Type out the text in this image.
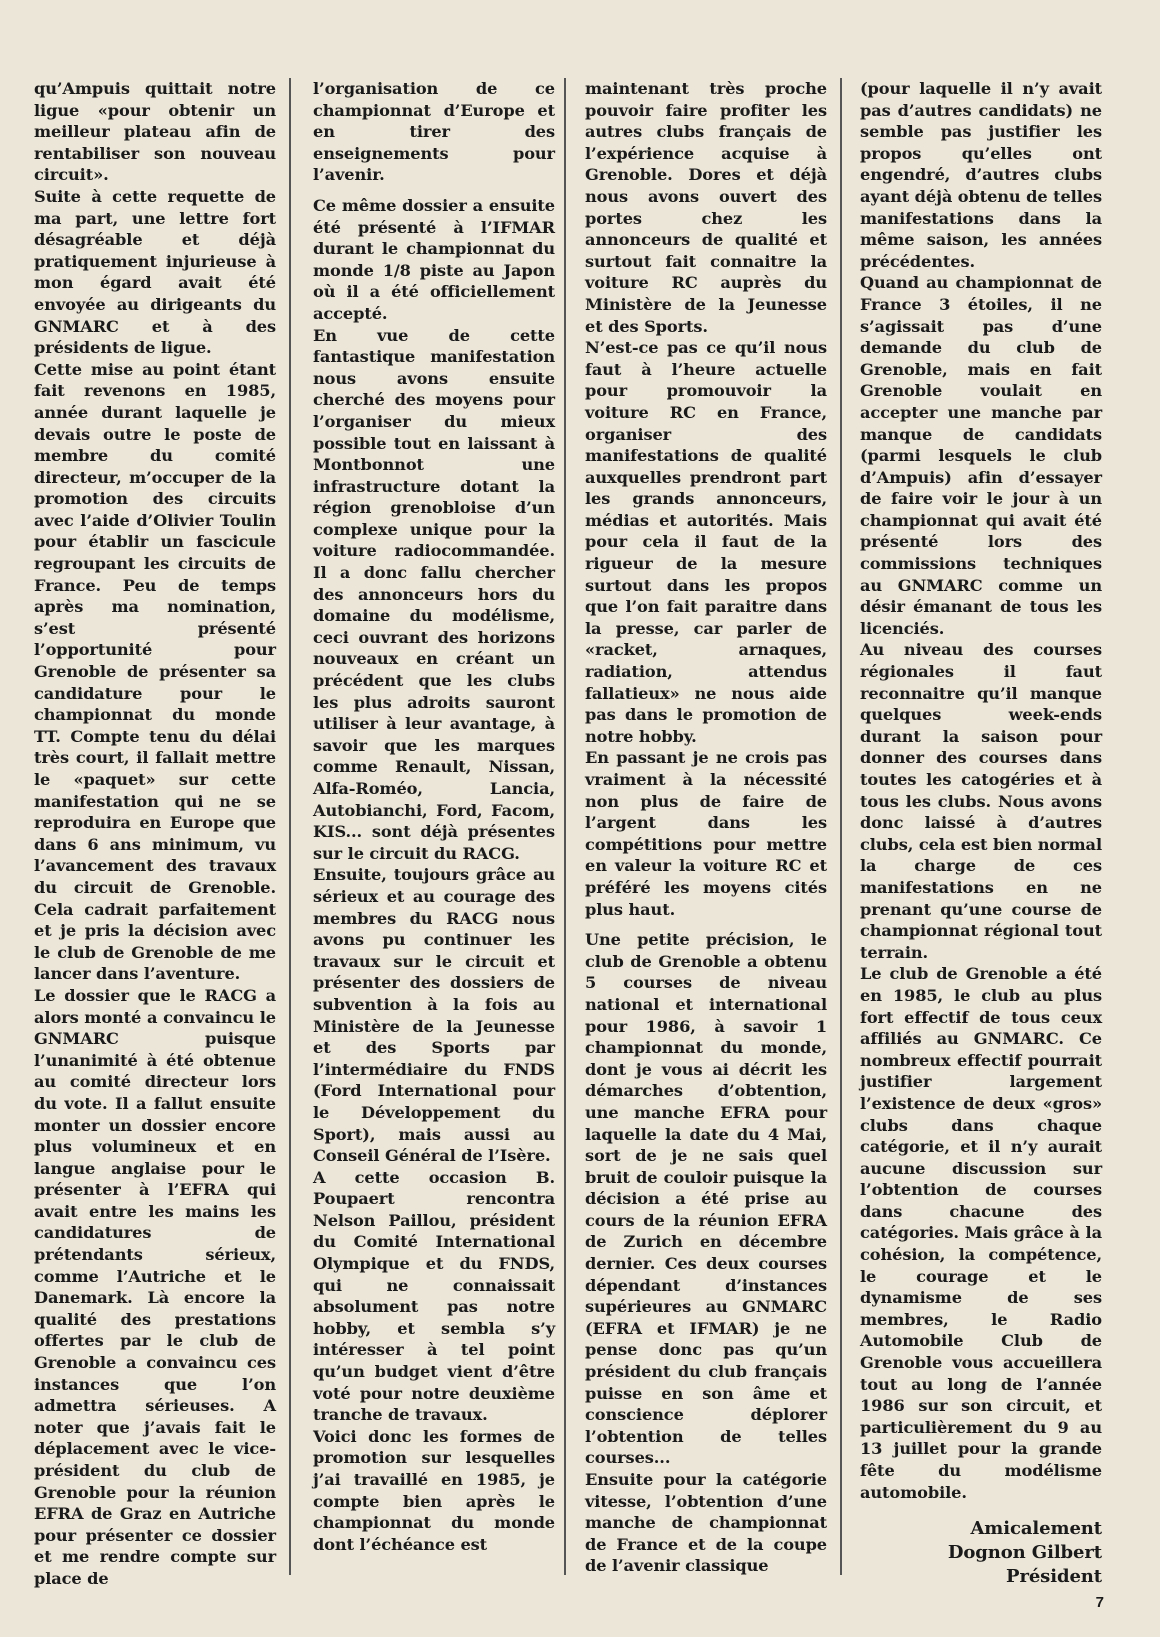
qu’Ampuis quittait notre ligue «pour obtenir un meilleur plateau afin de rentabiliser son nouveau circuit».

Suite à cette requette de ma part, une lettre fort désagréable et déjà pratiquement injurieuse à mon égard avait été envoyée au dirigeants du GNMARC et à des présidents de ligue.

Cette mise au point étant fait revenons en 1985, année durant laquelle je devais outre le poste de membre du comité directeur, m’occuper de la promotion des circuits avec l’aide d’Olivier Toulin pour établir un fascicule regroupant les circuits de France. Peu de temps après ma nomination, s’est présenté l’opportunité pour Grenoble de présenter sa candidature pour le championnat du monde TT. Compte tenu du délai très court, il fallait mettre le «paquet» sur cette manifestation qui ne se reproduira en Europe que dans 6 ans minimum, vu l’avancement des travaux du circuit de Grenoble. Cela cadrait parfaitement et je pris la décision avec le club de Grenoble de me lancer dans l’aventure.

Le dossier que le RACG a alors monté a convaincu le GNMARC puisque l’unanimité à été obtenue au comité directeur lors du vote. Il a fallut ensuite monter un dossier encore plus volumineux et en langue anglaise pour le présenter à l’EFRA qui avait entre les mains les candidatures de prétendants sérieux, comme l’Autriche et le Danemark. Là encore la qualité des prestations offertes par le club de Grenoble a convaincu ces instances que l’on admettra sérieuses. A noter que j’avais fait le déplacement avec le vice-président du club de Grenoble pour la réunion EFRA de Graz en Autriche pour présenter ce dossier et me rendre compte sur place de

l’organisation de ce championnat d’Europe et en tirer des enseignements pour l’avenir.

Ce même dossier a ensuite été présenté à l’IFMAR durant le championnat du monde 1/8 piste au Japon où il a été officiellement accepté.

En vue de cette fantastique manifestation nous avons ensuite cherché des moyens pour l’organiser du mieux possible tout en laissant à Montbonnot une infrastructure dotant la région grenobloise d’un complexe unique pour la voiture radiocommandée. Il a donc fallu chercher des annonceurs hors du domaine du modélisme, ceci ouvrant des horizons nouveaux en créant un précédent que les clubs les plus adroits sauront utiliser à leur avantage, à savoir que les marques comme Renault, Nissan, Alfa-Roméo, Lancia, Autobianchi, Ford, Facom, KIS... sont déjà présentes sur le circuit du RACG.

Ensuite, toujours grâce au sérieux et au courage des membres du RACG nous avons pu continuer les travaux sur le circuit et présenter des dossiers de subvention à la fois au Ministère de la Jeunesse et des Sports par l’intermédiaire du FNDS (Ford International pour le Développement du Sport), mais aussi au Conseil Général de l’Isère.

A cette occasion B. Poupaert rencontra Nelson Paillou, président du Comité International Olympique et du FNDS, qui ne connaissait absolument pas notre hobby, et sembla s’y intéresser à tel point qu’un budget vient d’être voté pour notre deuxième tranche de travaux.

Voici donc les formes de promotion sur lesquelles j’ai travaillé en 1985, je compte bien après le championnat du monde dont l’échéance est

maintenant très proche pouvoir faire profiter les autres clubs français de l’expérience acquise à Grenoble. Dores et déjà nous avons ouvert des portes chez les annonceurs de qualité et surtout fait connaitre la voiture RC auprès du Ministère de la Jeunesse et des Sports.

N’est-ce pas ce qu’il nous faut à l’heure actuelle pour promouvoir la voiture RC en France, organiser des manifestations de qualité auxquelles prendront part les grands annonceurs, médias et autorités. Mais pour cela il faut de la rigueur de la mesure surtout dans les propos que l’on fait paraitre dans la presse, car parler de «racket, arnaques, radiation, attendus fallatieux» ne nous aide pas dans le promotion de notre hobby.

En passant je ne crois pas vraiment à la nécessité non plus de faire de l’argent dans les compétitions pour mettre en valeur la voiture RC et préféré les moyens cités plus haut.

Une petite précision, le club de Grenoble a obtenu 5 courses de niveau national et international pour 1986, à savoir 1 championnat du monde, dont je vous ai décrit les démarches d’obtention, une manche EFRA pour laquelle la date du 4 Mai, sort de je ne sais quel bruit de couloir puisque la décision a été prise au cours de la réunion EFRA de Zurich en décembre dernier. Ces deux courses dépendant d’instances supérieures au GNMARC (EFRA et IFMAR) je ne pense donc pas qu’un président du club français puisse en son âme et conscience déplorer l’obtention de telles courses...

Ensuite pour la catégorie vitesse, l’obtention d’une manche de championnat de France et de la coupe de l’avenir classique

(pour laquelle il n’y avait pas d’autres candidats) ne semble pas justifier les propos qu’elles ont engendré, d’autres clubs ayant déjà obtenu de telles manifestations dans la même saison, les années précédentes.

Quand au championnat de France 3 étoiles, il ne s’agissait pas d’une demande du club de Grenoble, mais en fait Grenoble voulait en accepter une manche par manque de candidats (parmi lesquels le club d’Ampuis) afin d’essayer de faire voir le jour à un championnat qui avait été présenté lors des commissions techniques au GNMARC comme un désir émanant de tous les licenciés.

Au niveau des courses régionales il faut reconnaitre qu’il manque quelques week-ends durant la saison pour donner des courses dans toutes les catogéries et à tous les clubs. Nous avons donc laissé à d’autres clubs, cela est bien normal la charge de ces manifestations en ne prenant qu’une course de championnat régional tout terrain.

Le club de Grenoble a été en 1985, le club au plus fort effectif de tous ceux affiliés au GNMARC. Ce nombreux effectif pourrait justifier largement l’existence de deux «gros» clubs dans chaque catégorie, et il n’y aurait aucune discussion sur l’obtention de courses dans chacune des catégories. Mais grâce à la cohésion, la compétence, le courage et le dynamisme de ses membres, le Radio Automobile Club de Grenoble vous accueillera tout au long de l’année 1986 sur son circuit, et particulièrement du 9 au 13 juillet pour la grande fête du modélisme automobile.

Amicalement
Dognon Gilbert
Président
7
